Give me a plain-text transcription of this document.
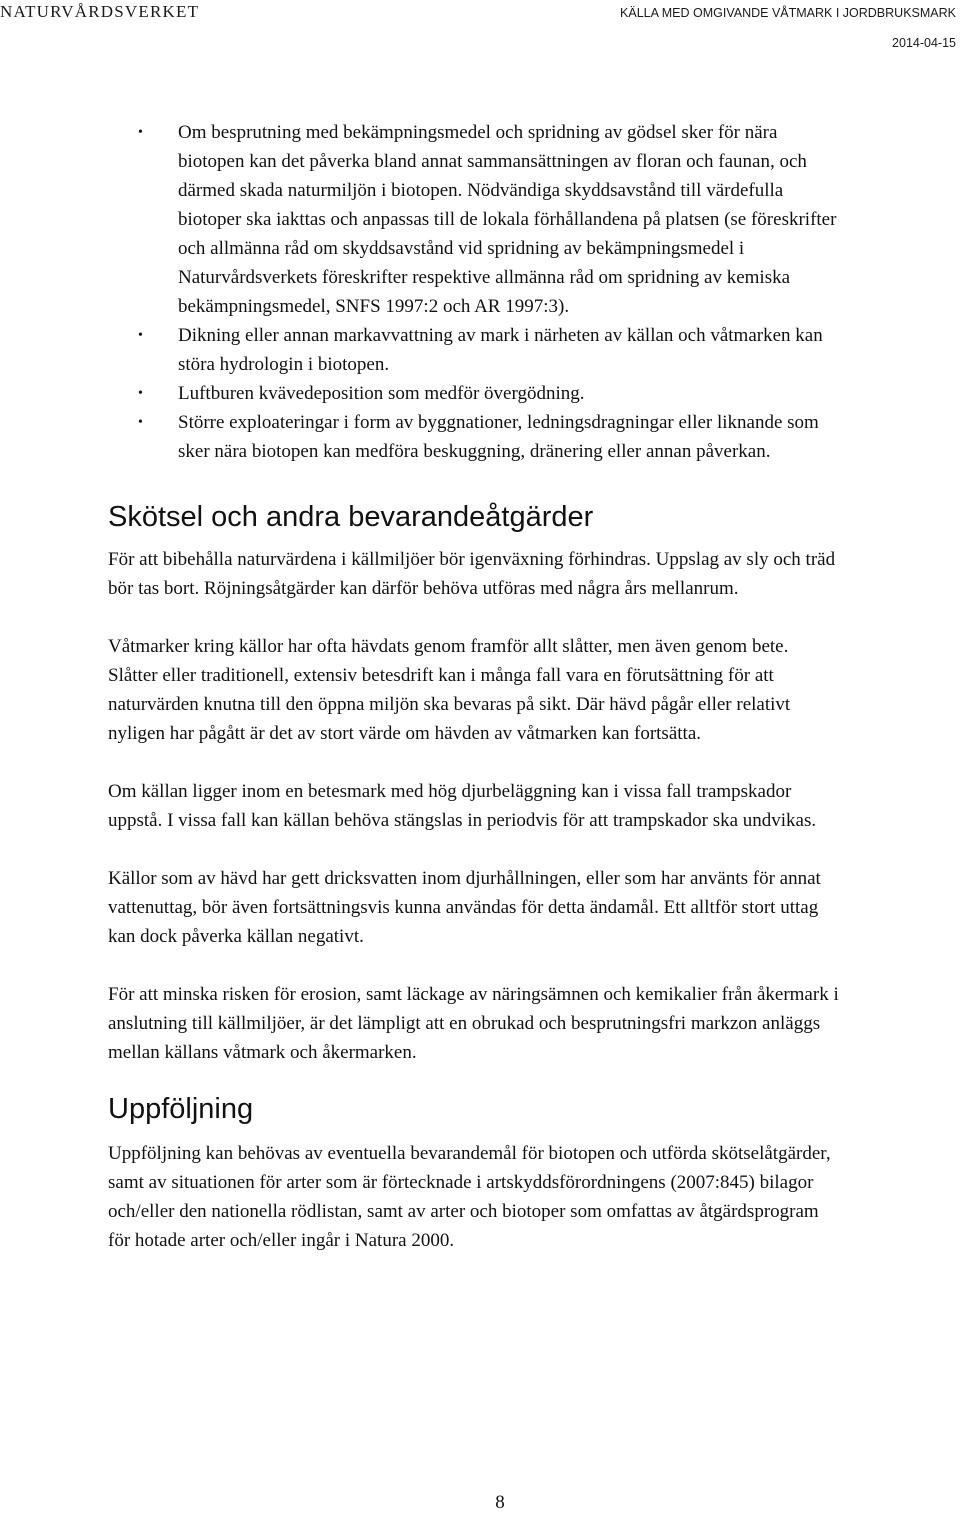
NATURVÅRDSVERKET	KÄLLA MED OMGIVANDE VÅTMARK I JORDBRUKSMARK
2014-04-15
• Om besprutning med bekämpningsmedel och spridning av gödsel sker för nära biotopen kan det påverka bland annat sammansättningen av floran och faunan, och därmed skada naturmiljön i biotopen. Nödvändiga skyddsavstånd till värdefulla biotoper ska iakttas och anpassas till de lokala förhållandena på platsen (se föreskrifter och allmänna råd om skyddsavstånd vid spridning av bekämpningsmedel i Naturvårdsverkets föreskrifter respektive allmänna råd om spridning av kemiska bekämpningsmedel, SNFS 1997:2 och AR 1997:3).
• Dikning eller annan markavvattning av mark i närheten av källan och våtmarken kan störa hydrologin i biotopen.
• Luftburen kvävedeposition som medför övergödning.
• Större exploateringar i form av byggnationer, ledningsdragningar eller liknande som sker nära biotopen kan medföra beskuggning, dränering eller annan påverkan.
Skötsel och andra bevarandeåtgärder

För att bibehålla naturvärdena i källmiljöer bör igenväxning förhindras. Uppslag av sly och träd bör tas bort. Röjningsåtgärder kan därför behöva utföras med några års mellanrum.

Våtmarker kring källor har ofta hävdats genom framför allt slåtter, men även genom bete. Slåtter eller traditionell, extensiv betesdrift kan i många fall vara en förutsättning för att naturvärden knutna till den öppna miljön ska bevaras på sikt. Där hävd pågår eller relativt nyligen har pågått är det av stort värde om hävden av våtmarken kan fortsätta.

Om källan ligger inom en betesmark med hög djurbeläggning kan i vissa fall trampskador uppstå. I vissa fall kan källan behöva stängslas in periodvis för att trampskador ska undvikas.

Källor som av hävd har gett dricksvatten inom djurhållningen, eller som har använts för annat vattenuttag, bör även fortsättningsvis kunna användas för detta ändamål. Ett alltför stort uttag kan dock påverka källan negativt.

För att minska risken för erosion, samt läckage av näringsämnen och kemikalier från åkermark i anslutning till källmiljöer, är det lämpligt att en obrukad och besprutningsfri markzon anläggs mellan källans våtmark och åkermarken.

Uppföljning

Uppföljning kan behövas av eventuella bevarandemål för biotopen och utförda skötselåtgärder, samt av situationen för arter som är förtecknade i artskyddsförordningens (2007:845) bilagor och/eller den nationella rödlistan, samt av arter och biotoper som omfattas av åtgärdsprogram för hotade arter och/eller ingår i Natura 2000.

8
